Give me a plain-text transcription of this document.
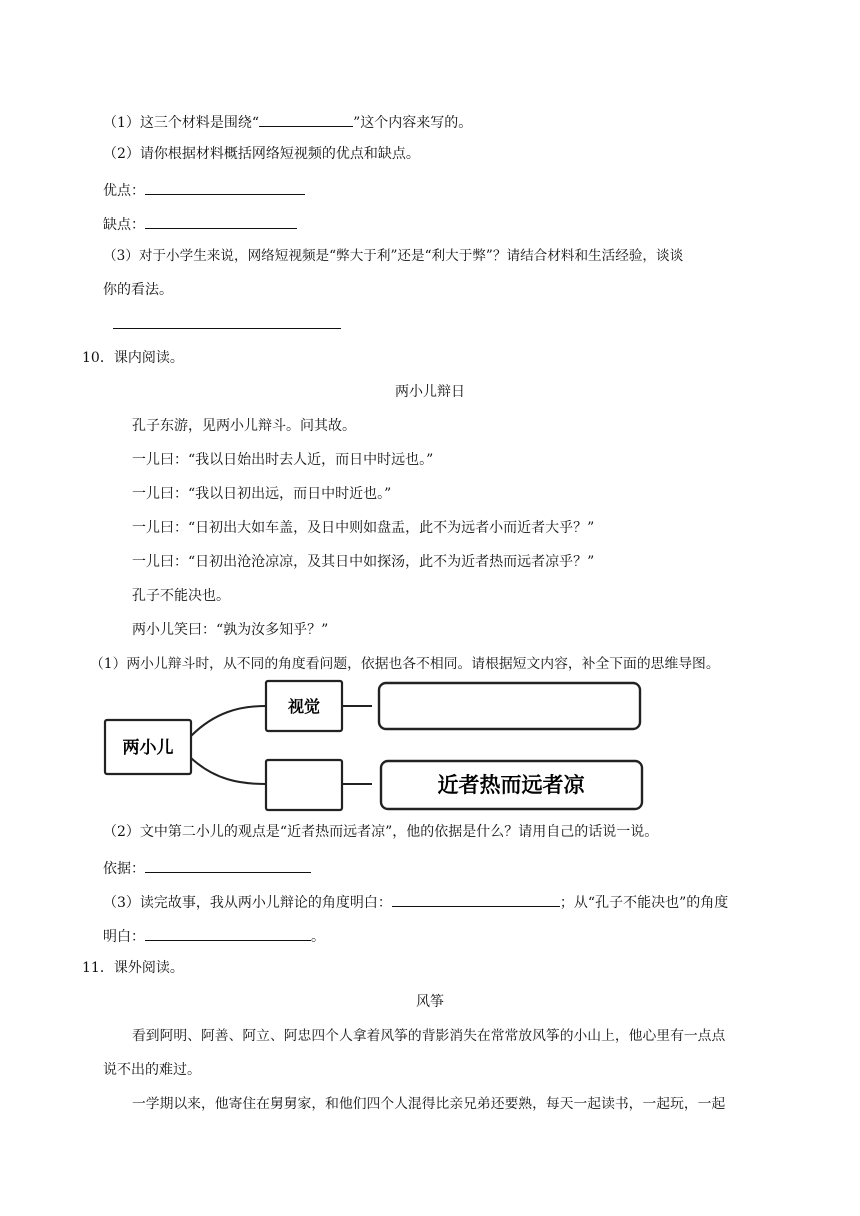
（1）这三个材料是围绕“	”这个内容来写的。
（2）请你根据材料概括网络短视频的优点和缺点。
优点：
缺点：
（3）对于小学生来说，网络短视频是“弊大于利”还是“利大于弊”？请结合材料和生活经验，谈谈
你的看法。
10．课内阅读。
两小儿辩日
孔子东游，见两小儿辩斗。问其故。
一儿曰：“我以日始出时去人近，而日中时远也。”
一儿曰：“我以日初出远，而日中时近也。”
一儿曰：“日初出大如车盖，及日中则如盘盂，此不为远者小而近者大乎？”
一儿曰：“日初出沧沧凉凉，及其日中如探汤，此不为近者热而远者凉乎？”
孔子不能决也。
两小儿笑曰：“孰为汝多知乎？”
（1）两小儿辩斗时，从不同的角度看问题，依据也各不相同。请根据短文内容，补全下面的思维导图。
两小儿
视觉
近者热而远者凉
（2）文中第二小儿的观点是“近者热而远者凉”，他的依据是什么？请用自己的话说一说。
依据：
（3）读完故事，我从两小儿辩论的角度明白：	；从“孔子不能决也”的角度
明白：	。
11．课外阅读。
风筝
看到阿明、阿善、阿立、阿忠四个人拿着风筝的背影消失在常常放风筝的小山上，他心里有一点点
说不出的难过。
一学期以来，他寄住在舅舅家，和他们四个人混得比亲兄弟还要熟，每天一起读书，一起玩，一起
